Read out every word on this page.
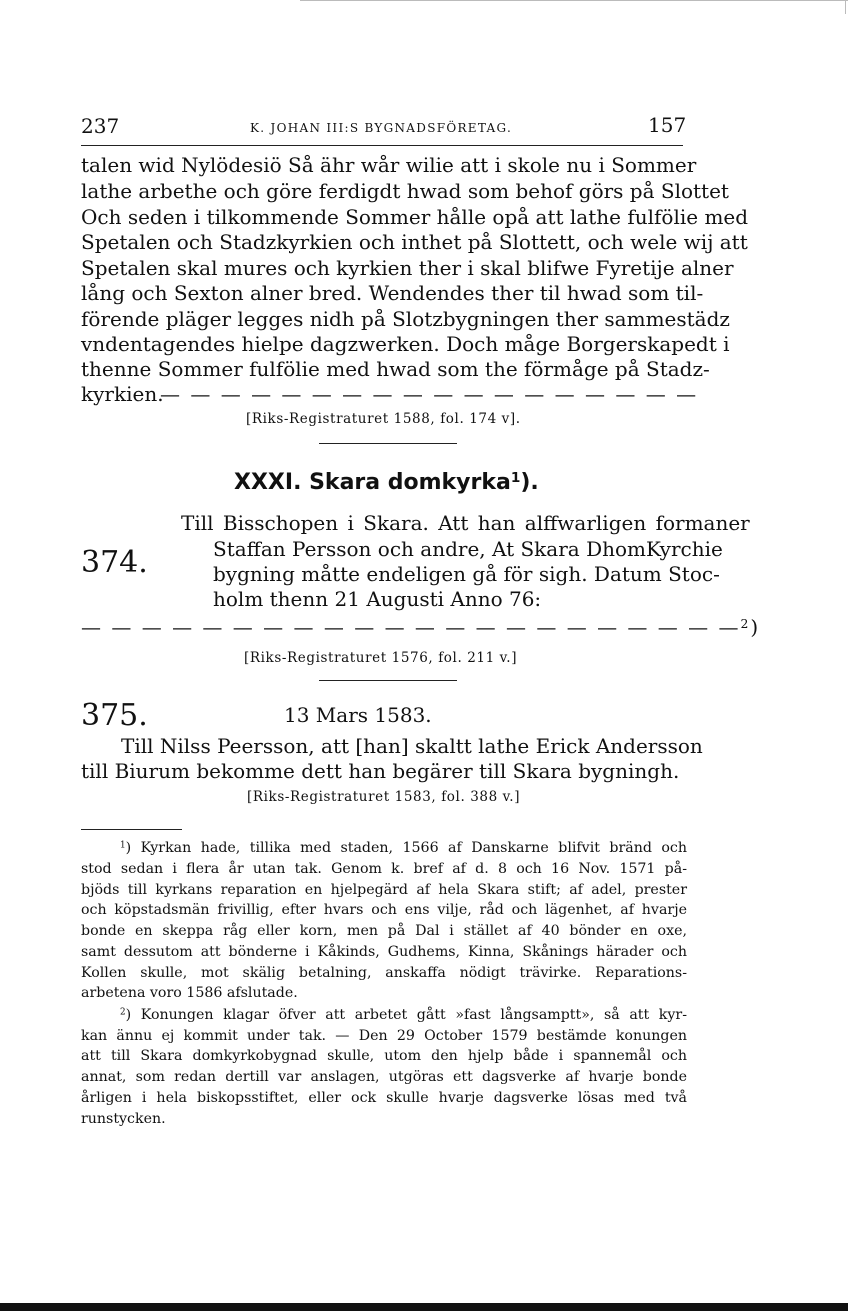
237	K. JOHAN III:S BYGNADSFÖRETAG.	157
talen wid Nylödesiö Så ähr wår wilie att i skole nu i Sommer
lathe arbethe och göre ferdigdt hwad som behof görs på Slottet
Och seden i tilkommende Sommer hålle opå att lathe fulfölie med
Spetalen och Stadzkyrkien och inthet på Slottett, och wele wij att
Spetalen skal mures och kyrkien ther i skal blifwe Fyretije alner
lång och Sexton alner bred. Wendendes ther til hwad som til-
förende pläger legges nidh på Slotzbygningen ther sammestädz
vndentagendes hielpe dagzwerken. Doch måge Borgerskapedt i
thenne Sommer fulfölie med hwad som the förmåge på Stadz-
kyrkien.
— — — — — — — — — — — — — — — — — —
[Riks-Registraturet 1588, fol. 174 v].
XXXI. Skara domkyrka$^1$).
374.
Till Bisschopen i Skara. Att han alffwarligen formaner
Staffan Persson och andre, At Skara DhomKyrchie
bygning måtte endeligen gå för sigh. Datum Stoc-
holm thenn 21 Augusti Anno 76:
— — — — — — — — — — — — — — — — — — — — — —$^2$)
[Riks-Registraturet 1576, fol. 211 v.]
375.	13 Mars 1583.
Till Nilss Peersson, att [han] skaltt lathe Erick Andersson
till Biurum bekomme dett han begärer till Skara bygningh.
[Riks-Registraturet 1583, fol. 388 v.]
$^1$) Kyrkan hade, tillika med staden, 1566 af Danskarne blifvit bränd och
stod sedan i flera år utan tak. Genom k. bref af d. 8 och 16 Nov. 1571 på-
bjöds till kyrkans reparation en hjelpegärd af hela Skara stift; af adel, prester
och köpstadsmän frivillig, efter hvars och ens vilje, råd och lägenhet, af hvarje
bonde en skeppa råg eller korn, men på Dal i stället af 40 bönder en oxe,
samt dessutom att bönderne i Kåkinds, Gudhems, Kinna, Skånings härader och
Kollen skulle, mot skälig betalning, anskaffa nödigt trävirke. Reparations-
arbetena voro 1586 afslutade.
$^2$) Konungen klagar öfver att arbetet gått »fast långsamptt», så att kyr-
kan ännu ej kommit under tak. — Den 29 October 1579 bestämde konungen
att till Skara domkyrkobygnad skulle, utom den hjelp både i spannemål och
annat, som redan dertill var anslagen, utgöras ett dagsverke af hvarje bonde
årligen i hela biskopsstiftet, eller ock skulle hvarje dagsverke lösas med två
runstycken.
